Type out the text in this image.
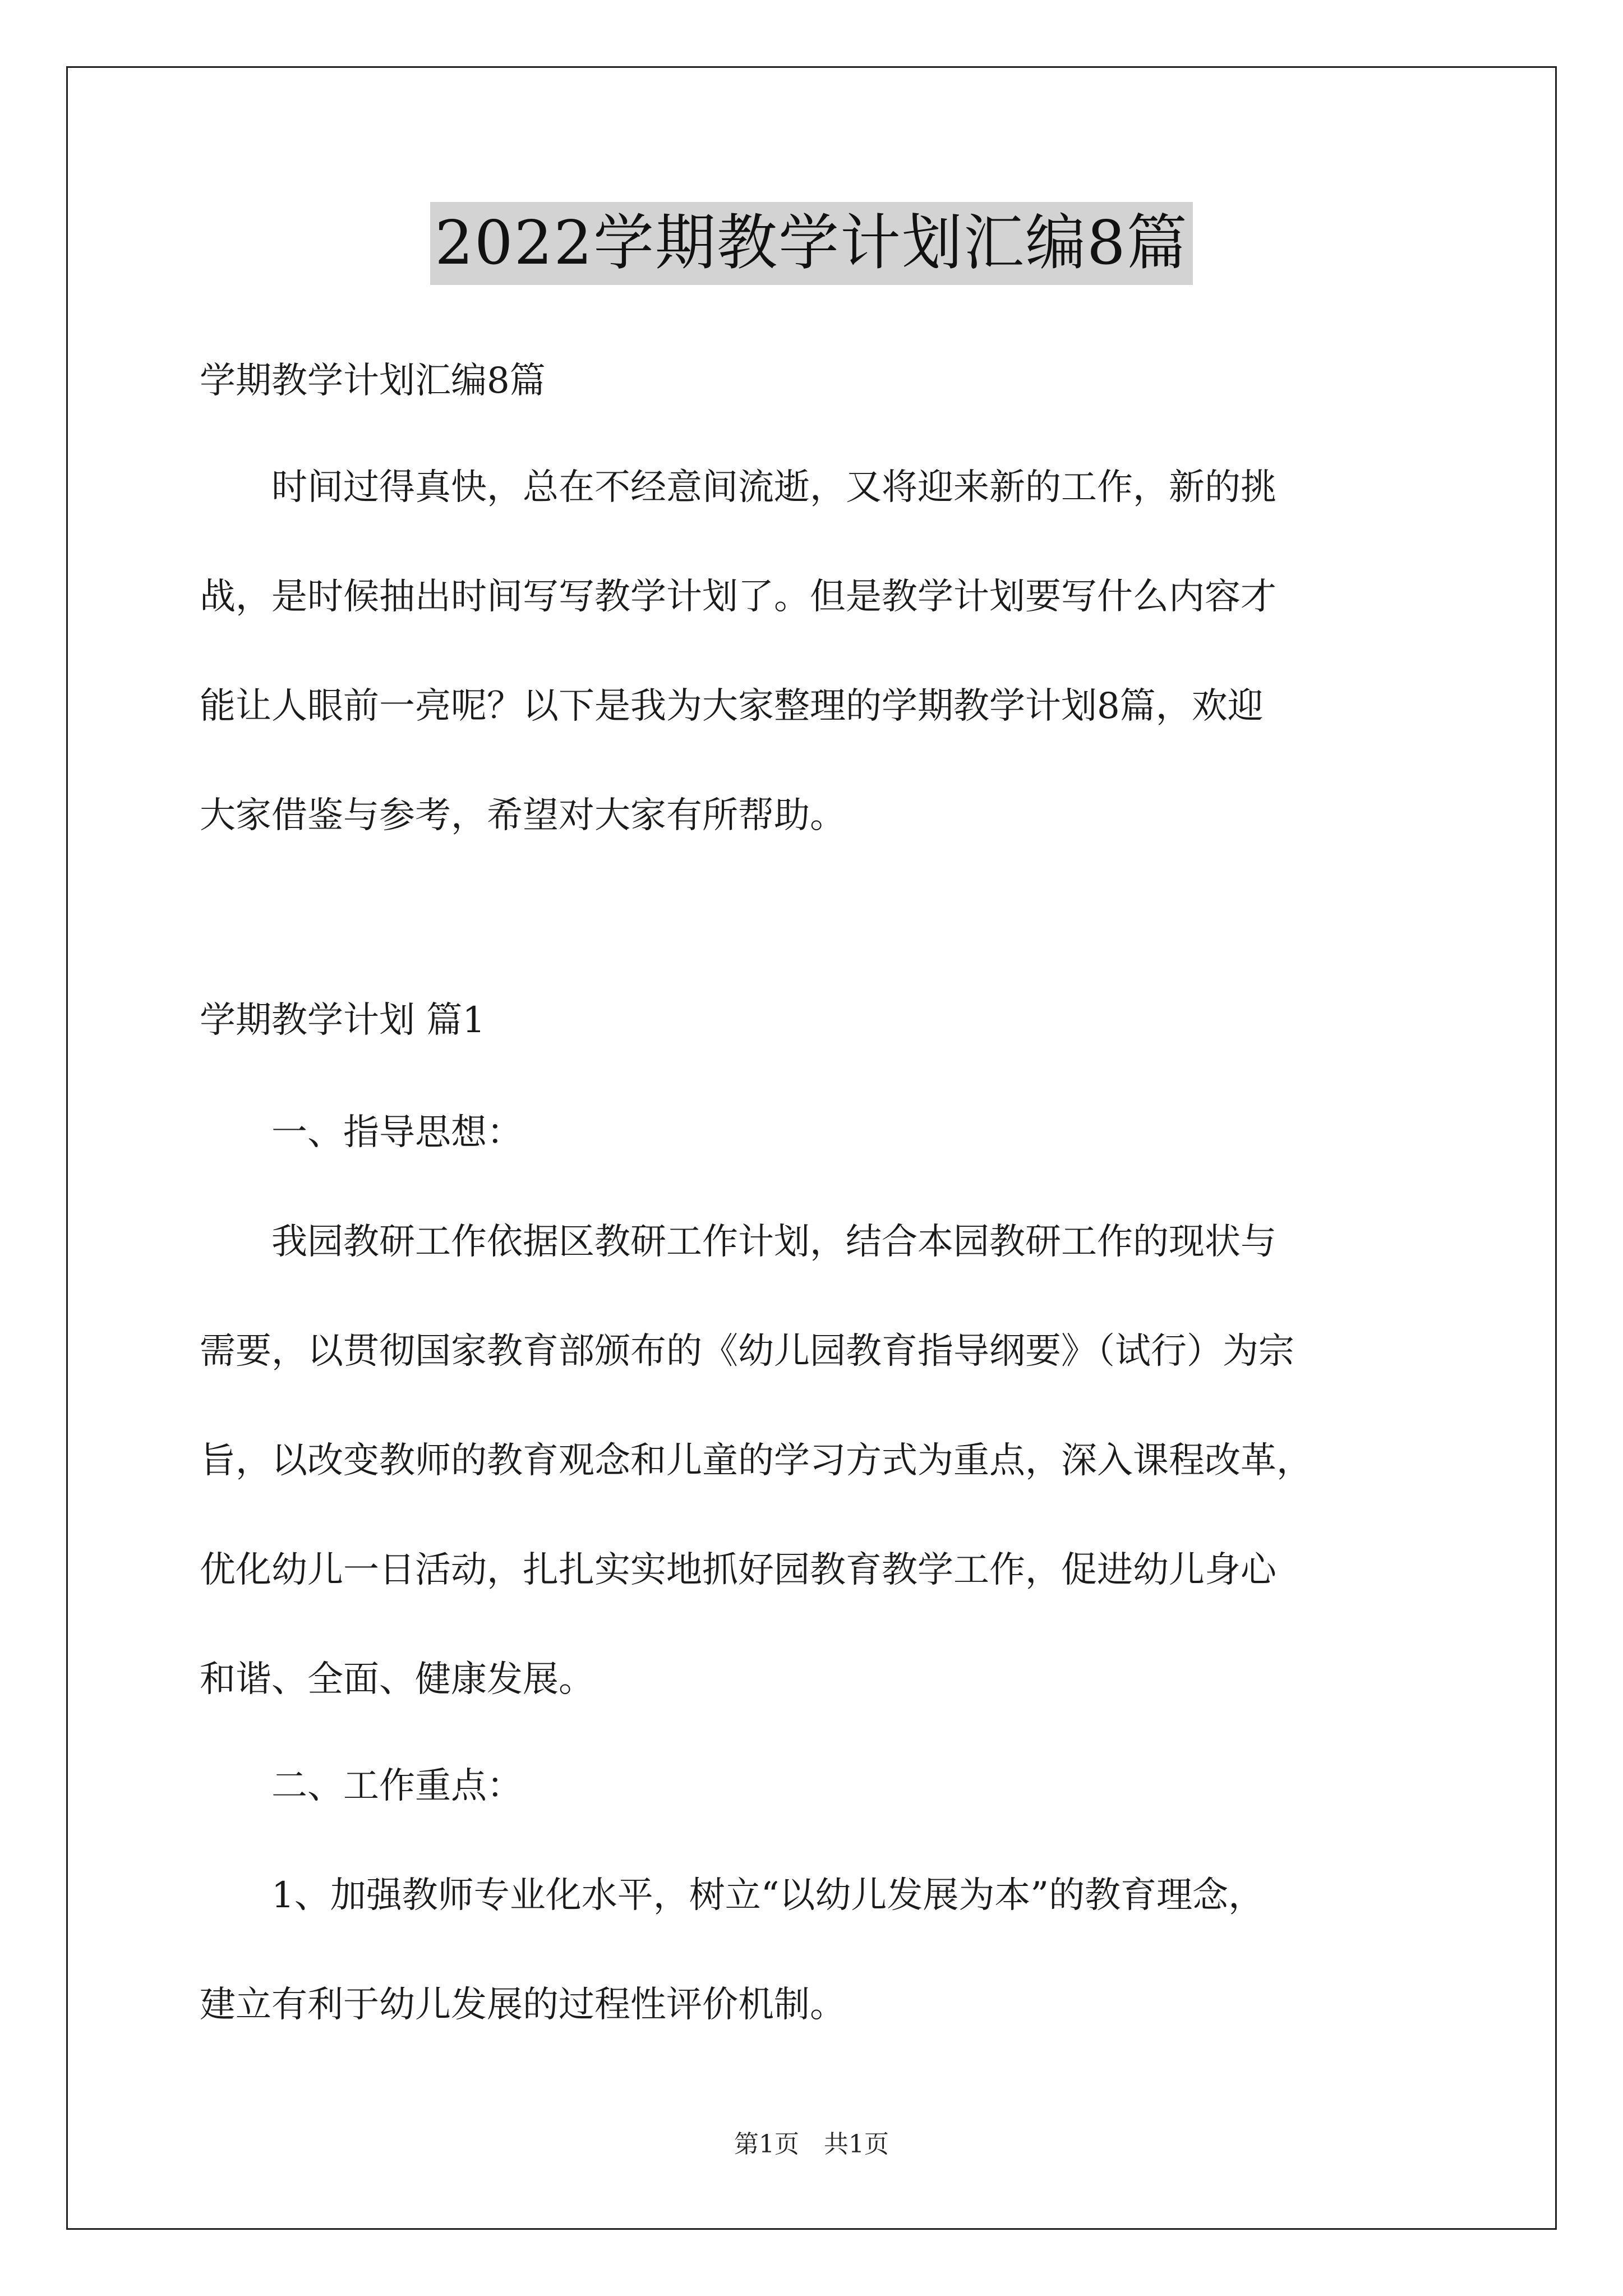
2022学期教学计划汇编8篇
学期教学计划汇编8篇
　　时间过得真快，总在不经意间流逝，又将迎来新的工作，新的挑
战，是时候抽出时间写写教学计划了。但是教学计划要写什么内容才
能让人眼前一亮呢？以下是我为大家整理的学期教学计划8篇，欢迎
大家借鉴与参考，希望对大家有所帮助。
学期教学计划 篇1
　　一、指导思想：
　　我园教研工作依据区教研工作计划，结合本园教研工作的现状与
需要，以贯彻国家教育部颁布的《幼儿园教育指导纲要》（试行）为宗
旨，以改变教师的教育观念和儿童的学习方式为重点，深入课程改革，
优化幼儿一日活动，扎扎实实地抓好园教育教学工作，促进幼儿身心
和谐、全面、健康发展。
　　二、工作重点：
　　1、加强教师专业化水平，树立“以幼儿发展为本”的教育理念，
建立有利于幼儿发展的过程性评价机制。
第1页　共1页
